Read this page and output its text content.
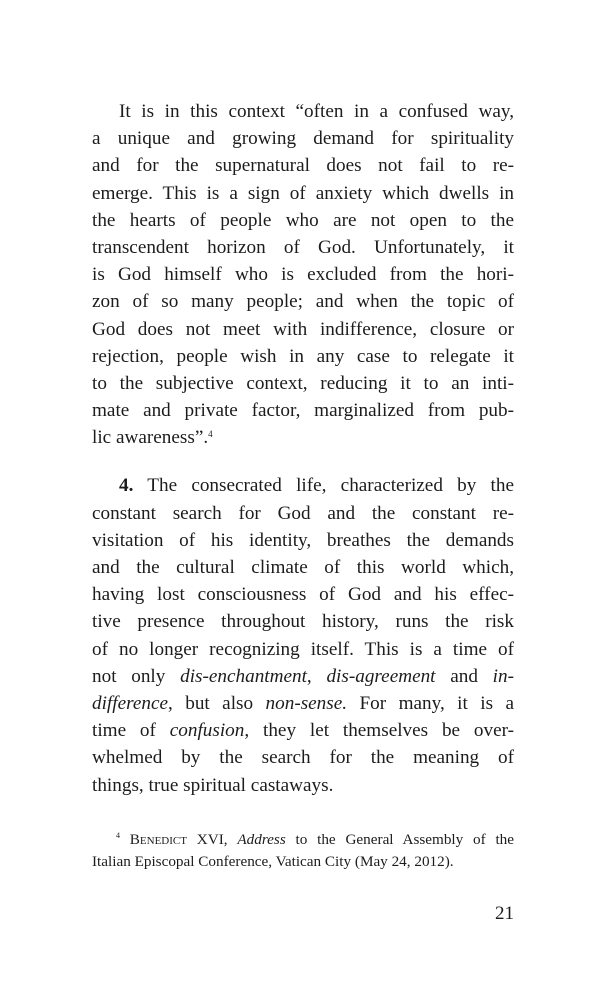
It is in this context “often in a confused way,
a unique and growing demand for spirituality
and for the supernatural does not fail to re-
emerge. This is a sign of anxiety which dwells in
the hearts of people who are not open to the
transcendent horizon of God. Unfortunately, it
is God himself who is excluded from the hori-
zon of so many people; and when the topic of
God does not meet with indifference, closure or
rejection, people wish in any case to relegate it
to the subjective context, reducing it to an inti-
mate and private factor, marginalized from pub-
lic awareness”.$^4$
4. The consecrated life, characterized by the
constant search for God and the constant re-
visitation of his identity, breathes the demands
and the cultural climate of this world which,
having lost consciousness of God and his effec-
tive presence throughout history, runs the risk
of no longer recognizing itself. This is a time of
not only dis-enchantment, dis-agreement and in-
difference, but also non-sense. For many, it is a
time of confusion, they let themselves be over-
whelmed by the search for the meaning of
things, true spiritual castaways.
$^4$ Benedict XVI, Address to the General Assembly of the
Italian Episcopal Conference, Vatican City (May 24, 2012).
21
